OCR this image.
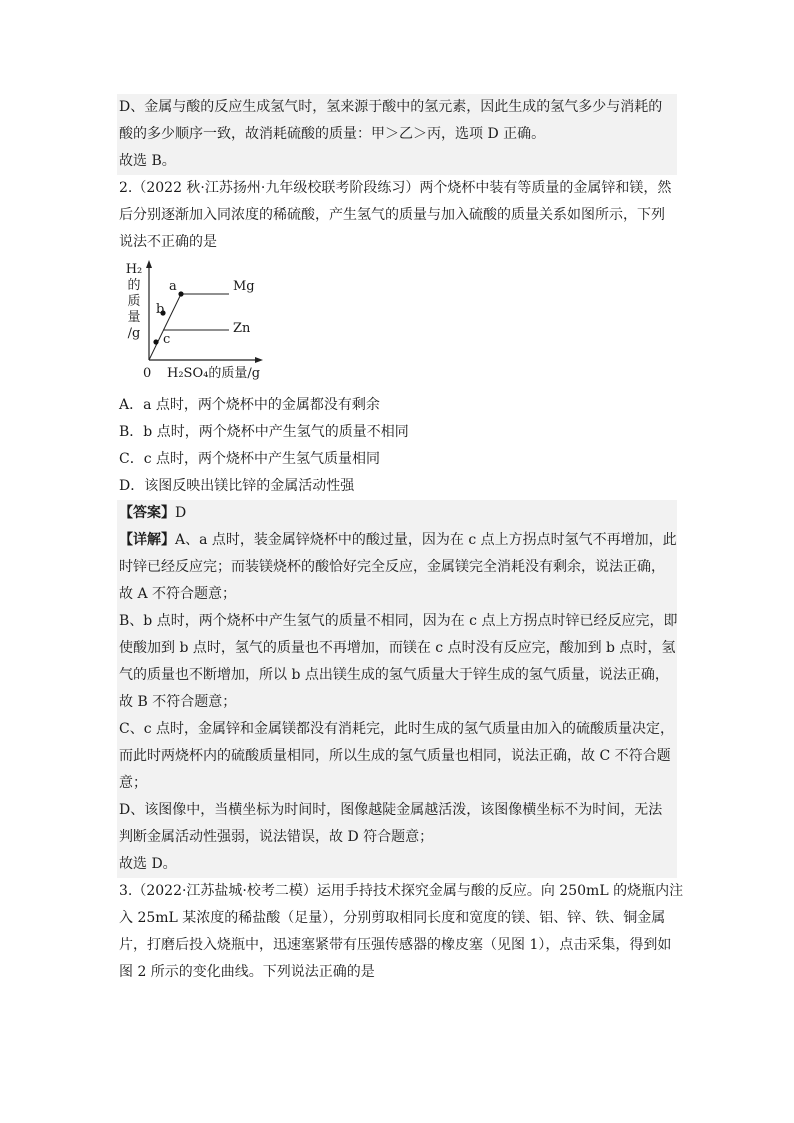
D、金属与酸的反应生成氢气时，氢来源于酸中的氢元素，因此生成的氢气多少与消耗的
酸的多少顺序一致，故消耗硫酸的质量：甲＞乙＞丙，选项 D 正确。
故选 B。
2.（2022 秋·江苏扬州·九年级校联考阶段练习）两个烧杯中装有等质量的金属锌和镁，然
后分别逐渐加入同浓度的稀硫酸，产生氢气的质量与加入硫酸的质量关系如图所示，下列
说法不正确的是
H₂
的
质
量
/g
a
b
c
Mg
Zn
0 H₂SO₄的质量/g
A．a 点时，两个烧杯中的金属都没有剩余
B．b 点时，两个烧杯中产生氢气的质量不相同
C．c 点时，两个烧杯中产生氢气质量相同
D．该图反映出镁比锌的金属活动性强
【答案】D
【详解】A、a 点时，装金属锌烧杯中的酸过量，因为在 c 点上方拐点时氢气不再增加，此
时锌已经反应完；而装镁烧杯的酸恰好完全反应，金属镁完全消耗没有剩余，说法正确，
故 A 不符合题意；
B、b 点时，两个烧杯中产生氢气的质量不相同，因为在 c 点上方拐点时锌已经反应完，即
使酸加到 b 点时，氢气的质量也不再增加，而镁在 c 点时没有反应完，酸加到 b 点时，氢
气的质量也不断增加，所以 b 点出镁生成的氢气质量大于锌生成的氢气质量，说法正确，
故 B 不符合题意；
C、c 点时，金属锌和金属镁都没有消耗完，此时生成的氢气质量由加入的硫酸质量决定，
而此时两烧杯内的硫酸质量相同，所以生成的氢气质量也相同，说法正确，故 C 不符合题
意；
D、该图像中，当横坐标为时间时，图像越陡金属越活泼，该图像横坐标不为时间，无法
判断金属活动性强弱，说法错误，故 D 符合题意；
故选 D。
3.（2022·江苏盐城·校考二模）运用手持技术探究金属与酸的反应。向 250mL 的烧瓶内注
入 25mL 某浓度的稀盐酸（足量），分别剪取相同长度和宽度的镁、铝、锌、铁、铜金属
片，打磨后投入烧瓶中，迅速塞紧带有压强传感器的橡皮塞（见图 1），点击采集，得到如
图 2 所示的变化曲线。下列说法正确的是
